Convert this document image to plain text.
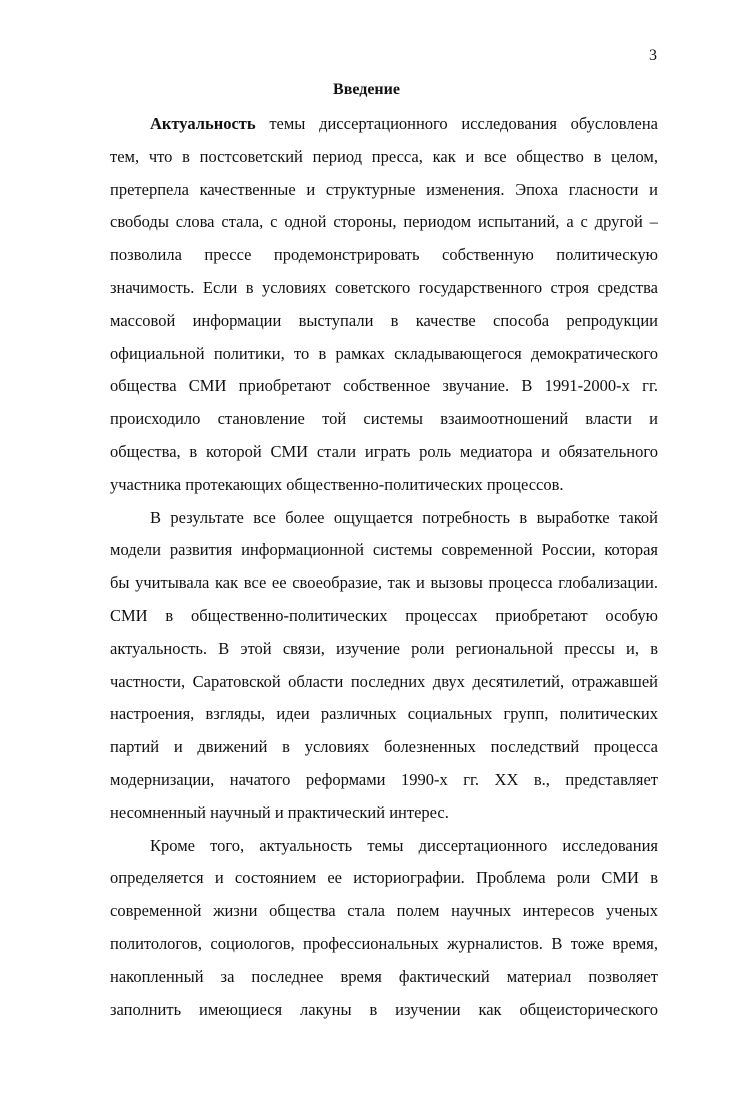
3
Введение

Актуальность темы диссертационного исследования обусловлена
тем, что в постсоветский период пресса, как и все общество в целом,
претерпела качественные и структурные изменения. Эпоха гласности и
свободы слова стала, с одной стороны, периодом испытаний, а с другой –
позволила прессе продемонстрировать собственную политическую
значимость. Если в условиях советского государственного строя средства
массовой информации выступали в качестве способа репродукции
официальной политики, то в рамках складывающегося демократического
общества СМИ приобретают собственное звучание. В 1991-2000-х гг.
происходило становление той системы взаимоотношений власти и
общества, в которой СМИ стали играть роль медиатора и обязательного
участника протекающих общественно-политических процессов.

В результате все более ощущается потребность в выработке такой
модели развития информационной системы современной России, которая
бы учитывала как все ее своеобразие, так и вызовы процесса глобализации.
СМИ в общественно-политических процессах приобретают особую
актуальность. В этой связи, изучение роли региональной прессы и, в
частности, Саратовской области последних двух десятилетий, отражавшей
настроения, взгляды, идеи различных социальных групп, политических
партий и движений в условиях болезненных последствий процесса
модернизации, начатого реформами 1990-х гг. XX в., представляет
несомненный научный и практический интерес.

Кроме того, актуальность темы диссертационного исследования
определяется и состоянием ее историографии. Проблема роли СМИ в
современной жизни общества стала полем научных интересов ученых
политологов, социологов, профессиональных журналистов. В тоже время,
накопленный за последнее время фактический материал позволяет
заполнить имеющиеся лакуны в изучении как общеисторического
